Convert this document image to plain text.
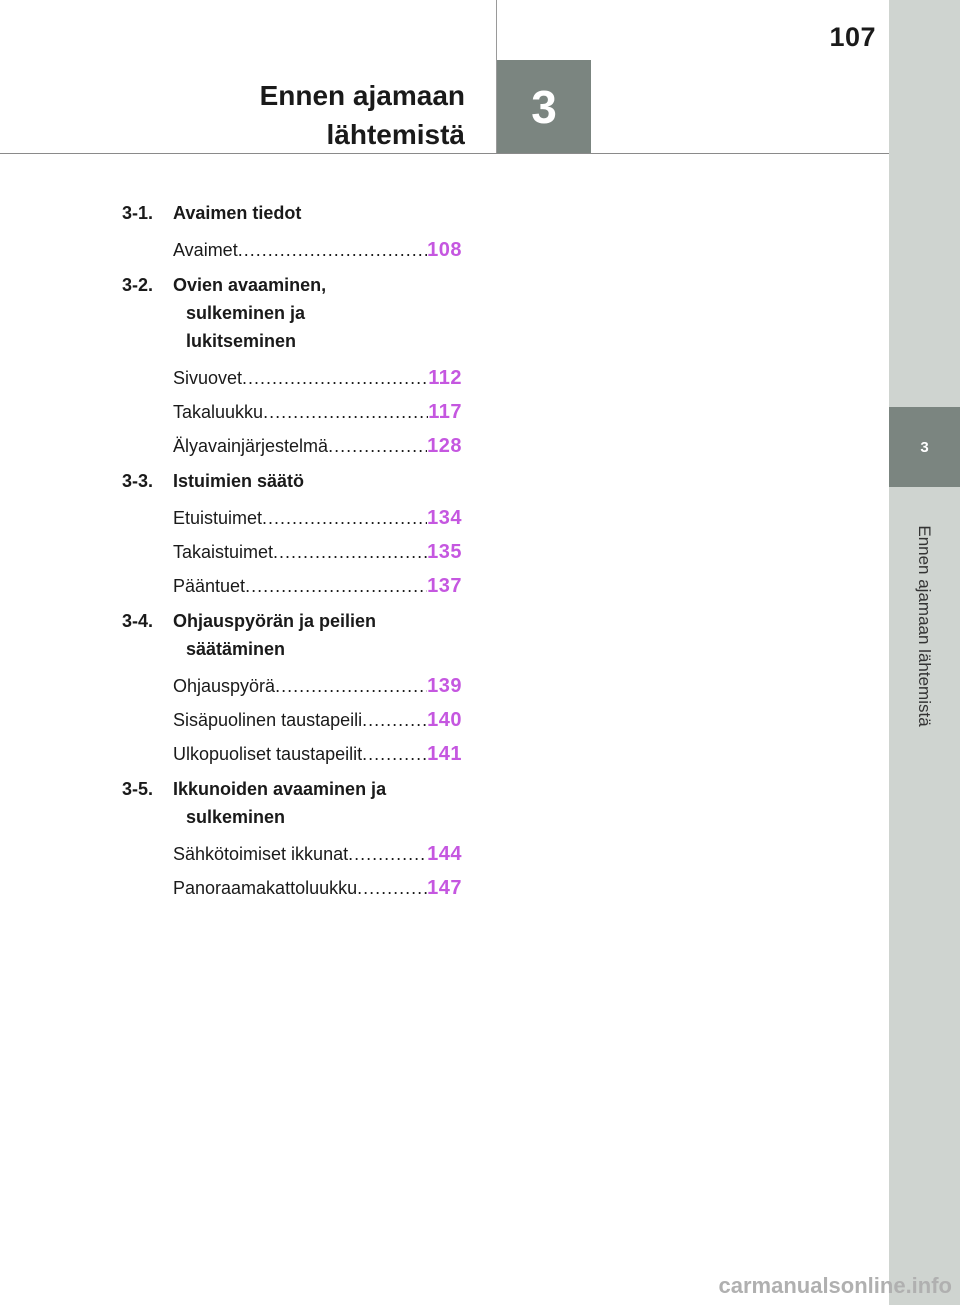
3
Ennen ajamaan lähtemistä
107
Ennen ajamaan
lähtemistä
3
3-1. Avaimen tiedot
Avaimet .....	108
3-2. Ovien avaaminen, sulkeminen ja lukitseminen
Sivuovet .....	112
Takaluukku .....	117
Älyavainjärjestelmä .....	128
3-3. Istuimien säätö
Etuistuimet .....	134
Takaistuimet .....	135
Pääntuet .....	137
3-4. Ohjauspyörän ja peilien säätäminen
Ohjauspyörä .....	139
Sisäpuolinen taustapeili .....	140
Ulkopuoliset taustapeilit .....	141
3-5. Ikkunoiden avaaminen ja sulkeminen
Sähkötoimiset ikkunat .....	144
Panoraamakattoluukku .....	147
carmanualsonline.info
